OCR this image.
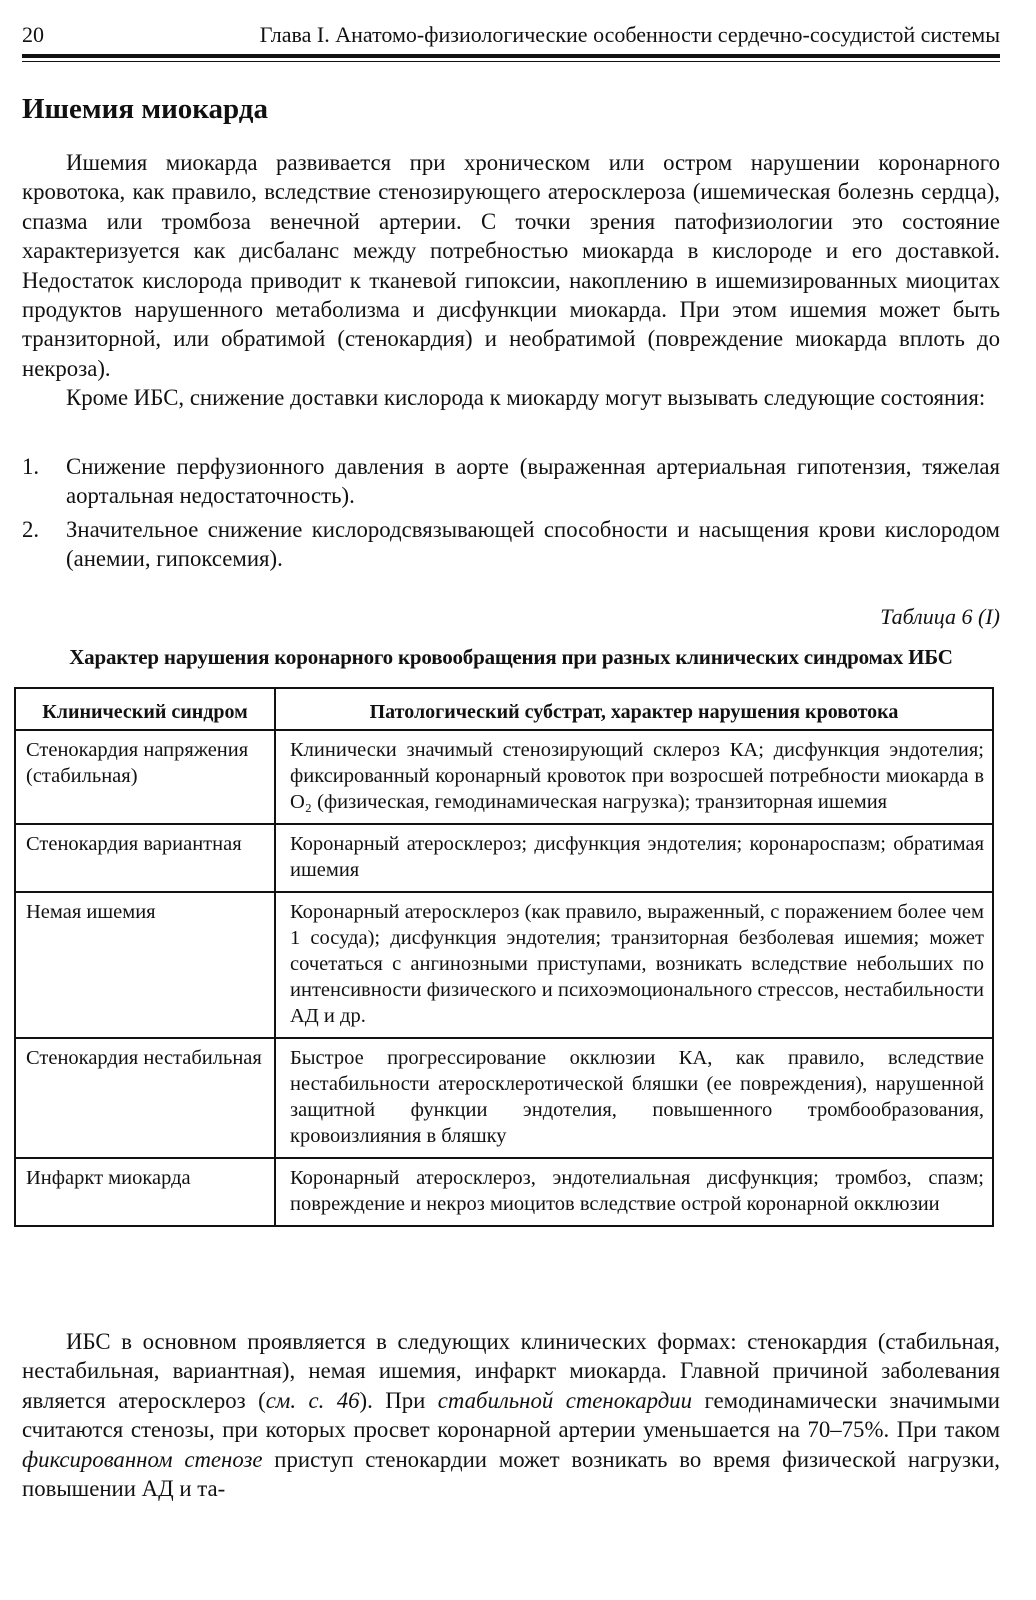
20	Глава I. Анатомо-физиологические особенности сердечно-сосудистой системы
Ишемия миокарда

Ишемия миокарда развивается при хроническом или остром нарушении коронарного кровотока, как правило, вследствие стенозирующего атеросклероза (ишемическая болезнь сердца), спазма или тромбоза венечной артерии. С точки зрения патофизиологии это состояние характеризуется как дисбаланс между потребностью миокарда в кислороде и его доставкой. Недостаток кислорода приводит к тканевой гипоксии, накоплению в ишемизированных миоцитах продуктов нарушенного метаболизма и дисфункции миокарда. При этом ишемия может быть транзиторной, или обратимой (стенокардия) и необратимой (повреждение миокарда вплоть до некроза).

Кроме ИБС, снижение доставки кислорода к миокарду могут вызывать следующие состояния:

1. Снижение перфузионного давления в аорте (выраженная артериальная гипотензия, тяжелая аортальная недостаточность).
2. Значительное снижение кислородсвязывающей способности и насыщения крови кислородом (анемии, гипоксемия).
Таблица 6 (I)
Характер нарушения коронарного кровообращения при разных клинических синдромах ИБС
Клинический синдром	Патологический субстрат, характер нарушения кровотока
Стенокардия напряжения (стабильная)	Клинически значимый стенозирующий склероз КА; дисфункция эндотелия; фиксированный коронарный кровоток при возросшей потребности миокарда в О₂ (физическая, гемодинамическая нагрузка); транзиторная ишемия
Стенокардия вариантная	Коронарный атеросклероз; дисфункция эндотелия; коронароспазм; обратимая ишемия
Немая ишемия	Коронарный атеросклероз (как правило, выраженный, с поражением более чем 1 сосуда); дисфункция эндотелия; транзиторная безболевая ишемия; может сочетаться с ангинозными приступами, возникать вследствие небольших по интенсивности физического и психоэмоционального стрессов, нестабильности АД и др.
Стенокардия нестабильная	Быстрое прогрессирование окклюзии КА, как правило, вследствие нестабильности атеросклеротической бляшки (ее повреждения), нарушенной защитной функции эндотелия, повышенного тромбообразования, кровоизлияния в бляшку
Инфаркт миокарда	Коронарный атеросклероз, эндотелиальная дисфункция; тромбоз, спазм; повреждение и некроз миоцитов вследствие острой коронарной окклюзии

ИБС в основном проявляется в следующих клинических формах: стенокардия (стабильная, нестабильная, вариантная), немая ишемия, инфаркт миокарда. Главной причиной заболевания является атеросклероз (см. с. 46). При стабильной стенокардии гемодинамически значимыми считаются стенозы, при которых просвет коронарной артерии уменьшается на 70–75%. При таком фиксированном стенозе приступ стенокардии может возникать во время физической нагрузки, повышении АД и та-
